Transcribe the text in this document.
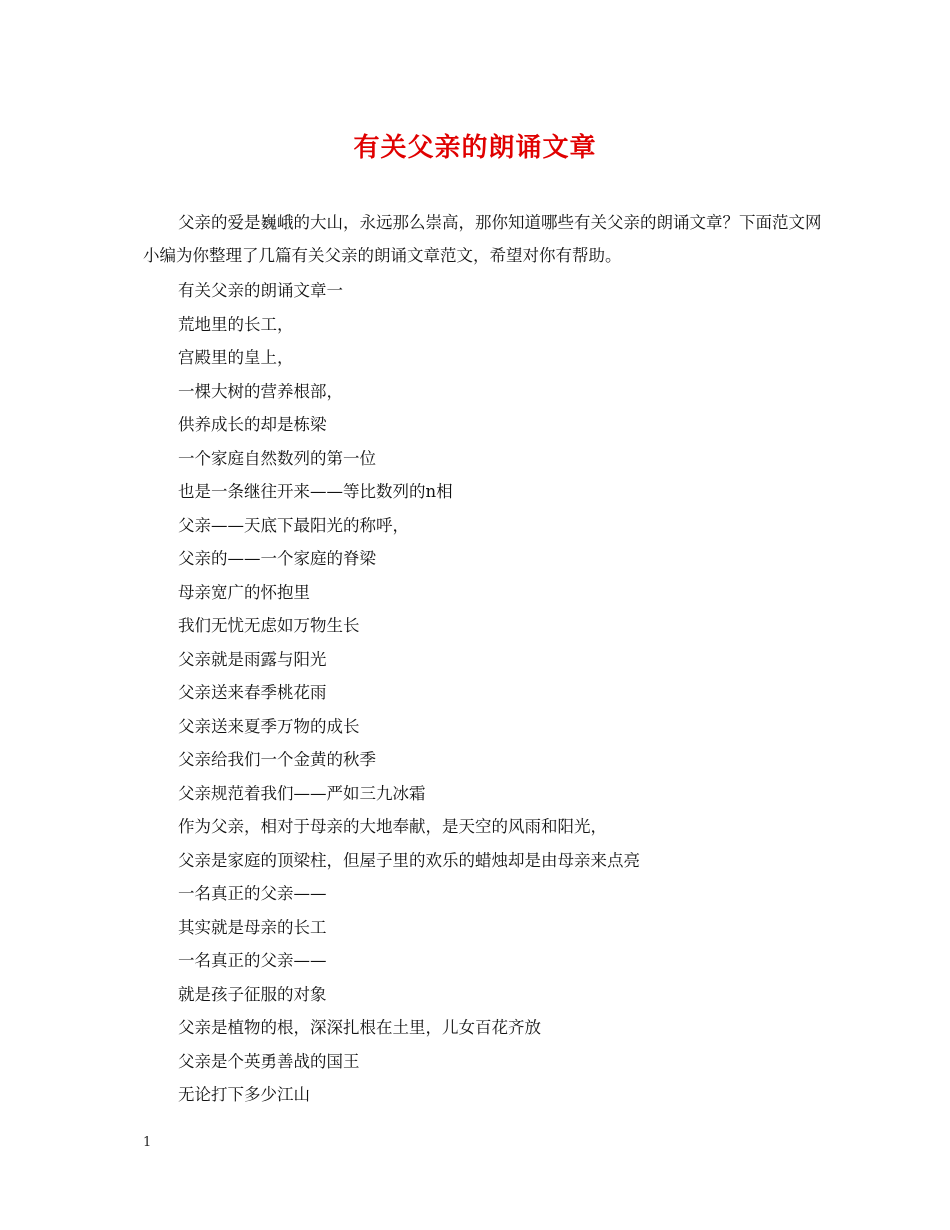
有关父亲的朗诵文章

父亲的爱是巍峨的大山，永远那么崇高，那你知道哪些有关父亲的朗诵文章？下面范文网小编为你整理了几篇有关父亲的朗诵文章范文，希望对你有帮助。

有关父亲的朗诵文章一
荒地里的长工，
宫殿里的皇上，
一棵大树的营养根部，
供养成长的却是栋梁
一个家庭自然数列的第一位
也是一条继往开来——等比数列的n相
父亲——天底下最阳光的称呼，
父亲的——一个家庭的脊梁
母亲宽广的怀抱里
我们无忧无虑如万物生长
父亲就是雨露与阳光
父亲送来春季桃花雨
父亲送来夏季万物的成长
父亲给我们一个金黄的秋季
父亲规范着我们——严如三九冰霜
作为父亲，相对于母亲的大地奉献，是天空的风雨和阳光，
父亲是家庭的顶梁柱，但屋子里的欢乐的蜡烛却是由母亲来点亮
一名真正的父亲——
其实就是母亲的长工
一名真正的父亲——
就是孩子征服的对象
父亲是植物的根，深深扎根在土里，儿女百花齐放
父亲是个英勇善战的国王
无论打下多少江山
1
